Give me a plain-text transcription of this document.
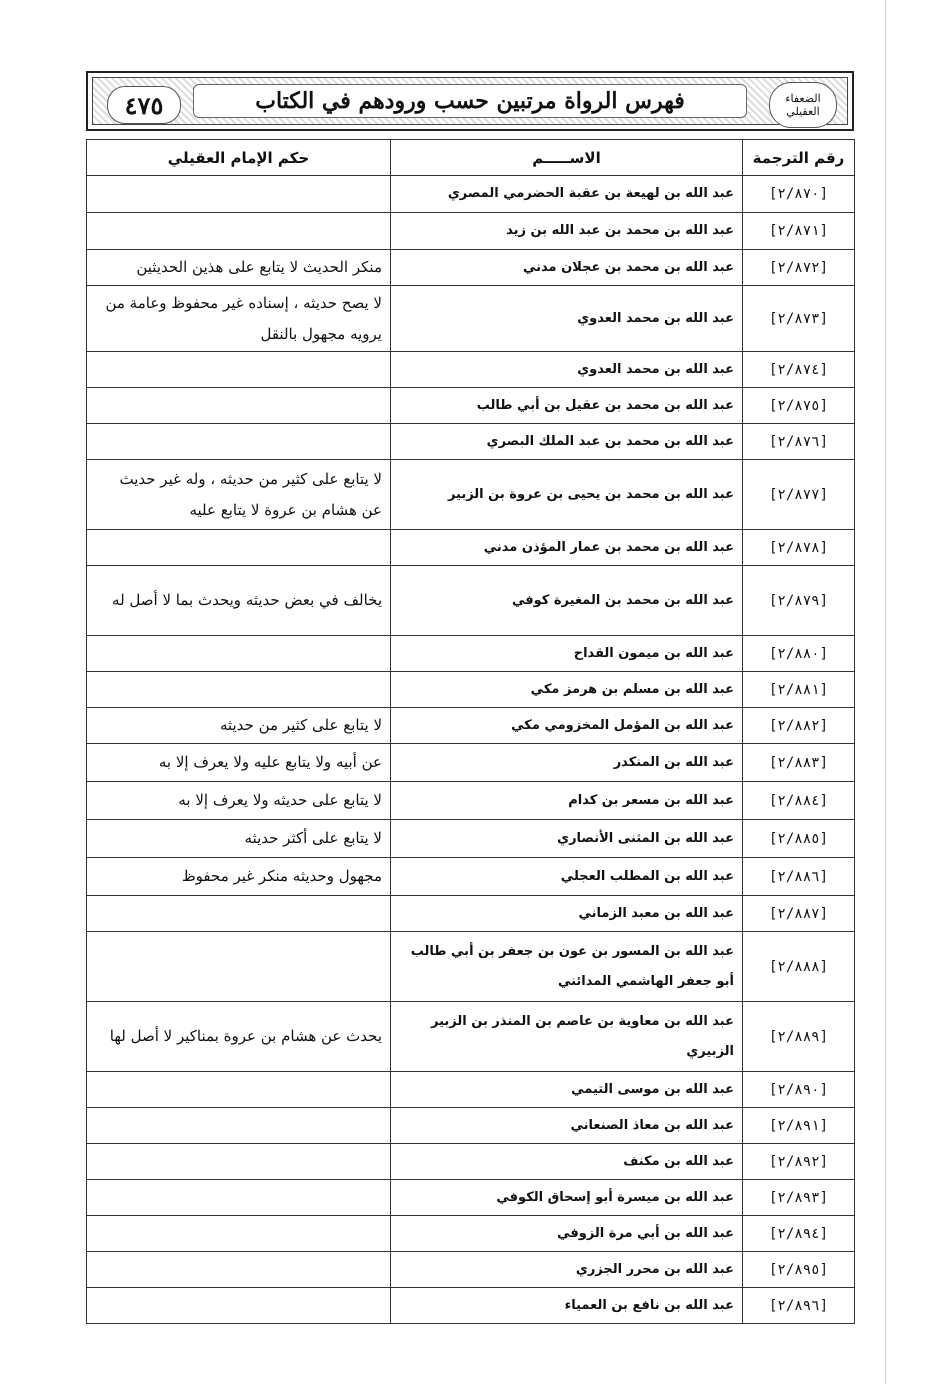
فهرس الرواة مرتبين حسب ورودهم في الكتاب
٤٧٥	الضعفاء العقيلي
رقم الترجمة	الاســـــم	حكم الإمام العقيلي
[٢/٨٧٠]	عبد الله بن لهيعة بن عقبة الحضرمي المصري	
[٢/٨٧١]	عبد الله بن محمد بن عبد الله بن زيد	
[٢/٨٧٢]	عبد الله بن محمد بن عجلان مدني	منكر الحديث لا يتابع على هذين الحديثين
[٢/٨٧٣]	عبد الله بن محمد العدوي	لا يصح حديثه ، إسناده غير محفوظ وعامة من يرويه مجهول بالنقل
[٢/٨٧٤]	عبد الله بن محمد العدوي	
[٢/٨٧٥]	عبد الله بن محمد بن عقيل بن أبي طالب	
[٢/٨٧٦]	عبد الله بن محمد بن عبد الملك البصري	
[٢/٨٧٧]	عبد الله بن محمد بن يحيى بن عروة بن الزبير	لا يتابع على كثير من حديثه ، وله غير حديث عن هشام بن عروة لا يتابع عليه
[٢/٨٧٨]	عبد الله بن محمد بن عمار المؤذن مدني	
[٢/٨٧٩]	عبد الله بن محمد بن المغيرة كوفي	يخالف في بعض حديثه ويحدث بما لا أصل له
[٢/٨٨٠]	عبد الله بن ميمون القداح	
[٢/٨٨١]	عبد الله بن مسلم بن هرمز مكي	
[٢/٨٨٢]	عبد الله بن المؤمل المخزومي مكي	لا يتابع على كثير من حديثه
[٢/٨٨٣]	عبد الله بن المنكدر	عن أبيه ولا يتابع عليه ولا يعرف إلا به
[٢/٨٨٤]	عبد الله بن مسعر بن كدام	لا يتابع على حديثه ولا يعرف إلا به
[٢/٨٨٥]	عبد الله بن المثنى الأنصاري	لا يتابع على أكثر حديثه
[٢/٨٨٦]	عبد الله بن المطلب العجلي	مجهول وحديثه منكر غير محفوظ
[٢/٨٨٧]	عبد الله بن معبد الزماني	
[٢/٨٨٨]	عبد الله بن المسور بن عون بن جعفر بن أبي طالب أبو جعفر الهاشمي المدائني	
[٢/٨٨٩]	عبد الله بن معاوية بن عاصم بن المنذر بن الزبير الزبيري	يحدث عن هشام بن عروة بمناكير لا أصل لها
[٢/٨٩٠]	عبد الله بن موسى التيمي	
[٢/٨٩١]	عبد الله بن معاذ الصنعاني	
[٢/٨٩٢]	عبد الله بن مكنف	
[٢/٨٩٣]	عبد الله بن ميسرة أبو إسحاق الكوفي	
[٢/٨٩٤]	عبد الله بن أبي مرة الزوفي	
[٢/٨٩٥]	عبد الله بن محرر الجزري	
[٢/٨٩٦]	عبد الله بن نافع بن العمياء	
